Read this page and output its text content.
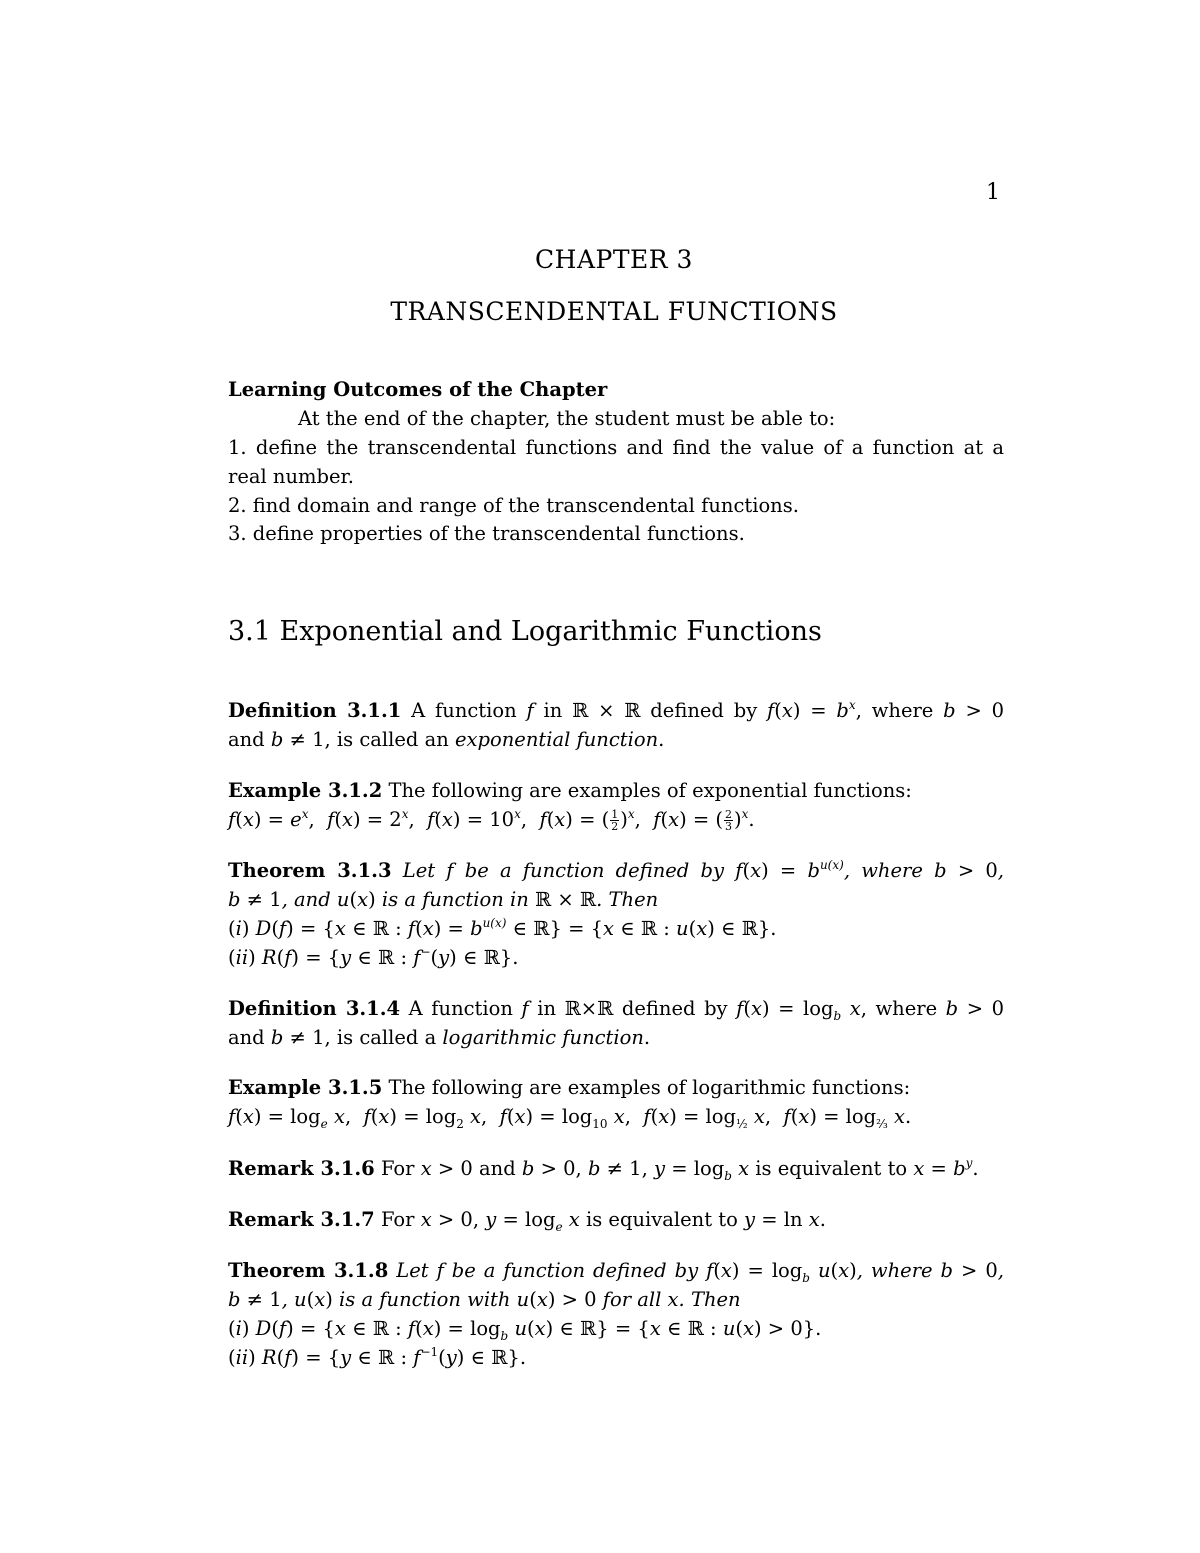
1
CHAPTER 3
TRANSCENDENTAL FUNCTIONS
Learning Outcomes of the Chapter
At the end of the chapter, the student must be able to:
1. define the transcendental functions and find the value of a function at a
real number.
2. find domain and range of the transcendental functions.
3. define properties of the transcendental functions.
3.1 Exponential and Logarithmic Functions
Definition 3.1.1 A function f in ℝ × ℝ defined by $f(x) = b^x$, where b > 0
and b ≠ 1, is called an exponential function.
Example 3.1.2 The following are examples of exponential functions:
$f(x) = e^x$,  $f(x) = 2^x$,  $f(x) = 10^x$,  f(x) = ( $\frac{1}{2} )^x$,  f(x) = ( $\frac{2}{3} )^x$.
Theorem 3.1.3 Let f be a function defined by $f(x) = b^{u(x)}$, where b > 0,
b ≠ 1, and u(x) is a function in ℝ × ℝ. Then
(i) D(f) = {x ∈ ℝ : $f(x) = b^{u(x)}$ ∈ ℝ} = {x ∈ ℝ : u(x) ∈ ℝ}.
(ii) R(f) = {y ∈ ℝ : f−(y) ∈ ℝ}.
Definition 3.1.4 A function f in ℝ×ℝ defined by $f(x) = \log_b x$, where b > 0
and b ≠ 1, is called a logarithmic function.
Example 3.1.5 The following are examples of logarithmic functions:
$f(x) = \log_e x$,  $f(x) = \log_2 x$,  $f(x) = \log_{10} x$,  $f(x) = \log_{\frac{1}{2}} x$,  $f(x) = \log_{\frac{2}{3}} x$.
Remark 3.1.6 For x > 0 and b > 0, b ≠ 1, $y = \log_b x$ is equivalent to $x = b^y$.
Remark 3.1.7 For x > 0, $y = \log_e x$ is equivalent to y = ln x.
Theorem 3.1.8 Let f be a function defined by $f(x) = \log_b u(x)$, where b > 0,
b ≠ 1, u(x) is a function with u(x) > 0 for all x. Then
(i) D(f) = {x ∈ ℝ : $f(x) = \log_b u(x)$ ∈ ℝ} = {x ∈ ℝ : u(x) > 0}.
(ii) R(f) = {y ∈ ℝ : $f^{-1}(y)$ ∈ ℝ}.
